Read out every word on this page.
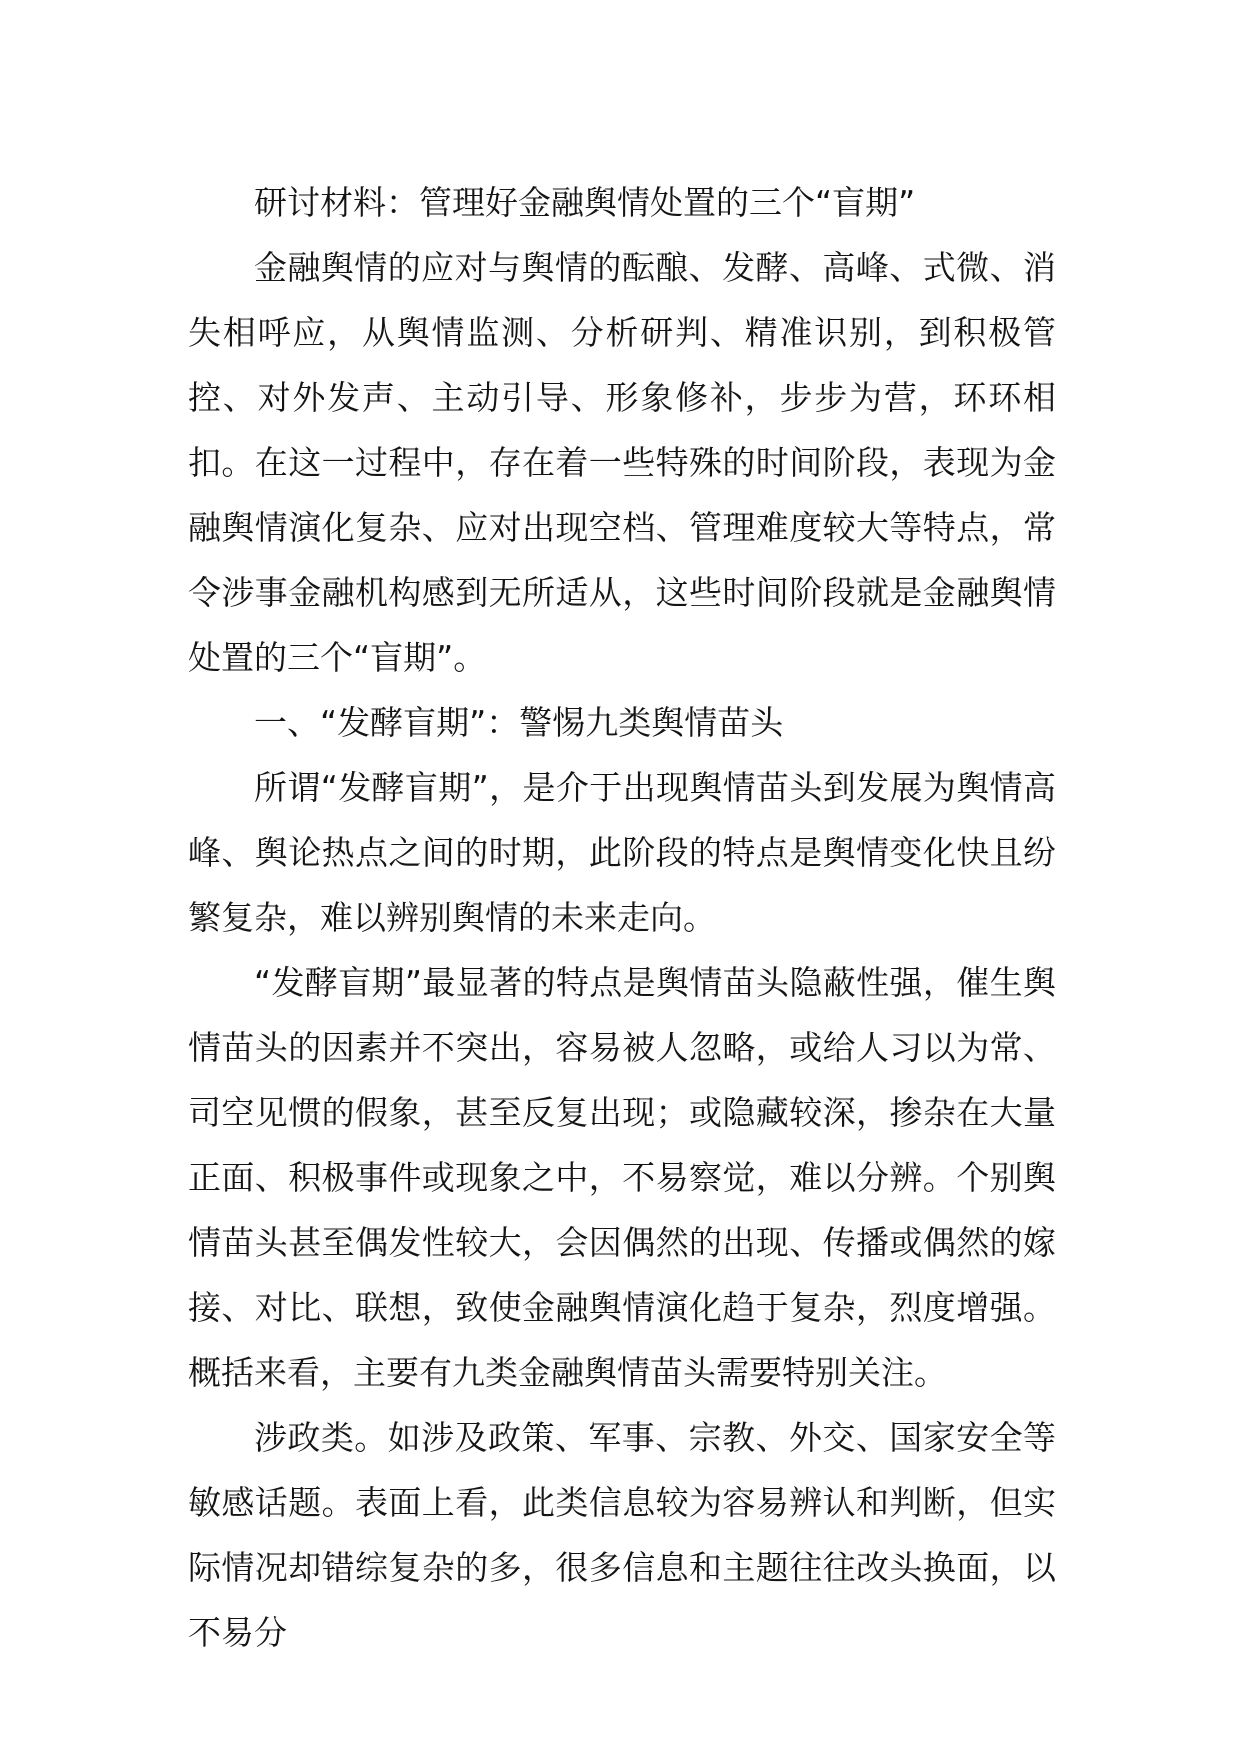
研讨材料：管理好金融舆情处置的三个“盲期”

金融舆情的应对与舆情的酝酿、发酵、高峰、式微、消失相呼应，从舆情监测、分析研判、精准识别，到积极管控、对外发声、主动引导、形象修补，步步为营，环环相扣。在这一过程中，存在着一些特殊的时间阶段，表现为金融舆情演化复杂、应对出现空档、管理难度较大等特点，常令涉事金融机构感到无所适从，这些时间阶段就是金融舆情处置的三个“盲期”。

一、“发酵盲期”：警惕九类舆情苗头

所谓“发酵盲期”，是介于出现舆情苗头到发展为舆情高峰、舆论热点之间的时期，此阶段的特点是舆情变化快且纷繁复杂，难以辨别舆情的未来走向。

“发酵盲期”最显著的特点是舆情苗头隐蔽性强，催生舆情苗头的因素并不突出，容易被人忽略，或给人习以为常、司空见惯的假象，甚至反复出现；或隐藏较深，掺杂在大量正面、积极事件或现象之中，不易察觉，难以分辨。个别舆情苗头甚至偶发性较大，会因偶然的出现、传播或偶然的嫁接、对比、联想，致使金融舆情演化趋于复杂，烈度增强。概括来看，主要有九类金融舆情苗头需要特别关注。

涉政类。如涉及政策、军事、宗教、外交、国家安全等敏感话题。表面上看，此类信息较为容易辨认和判断，但实际情况却错综复杂的多，很多信息和主题往往改头换面，以不易分
